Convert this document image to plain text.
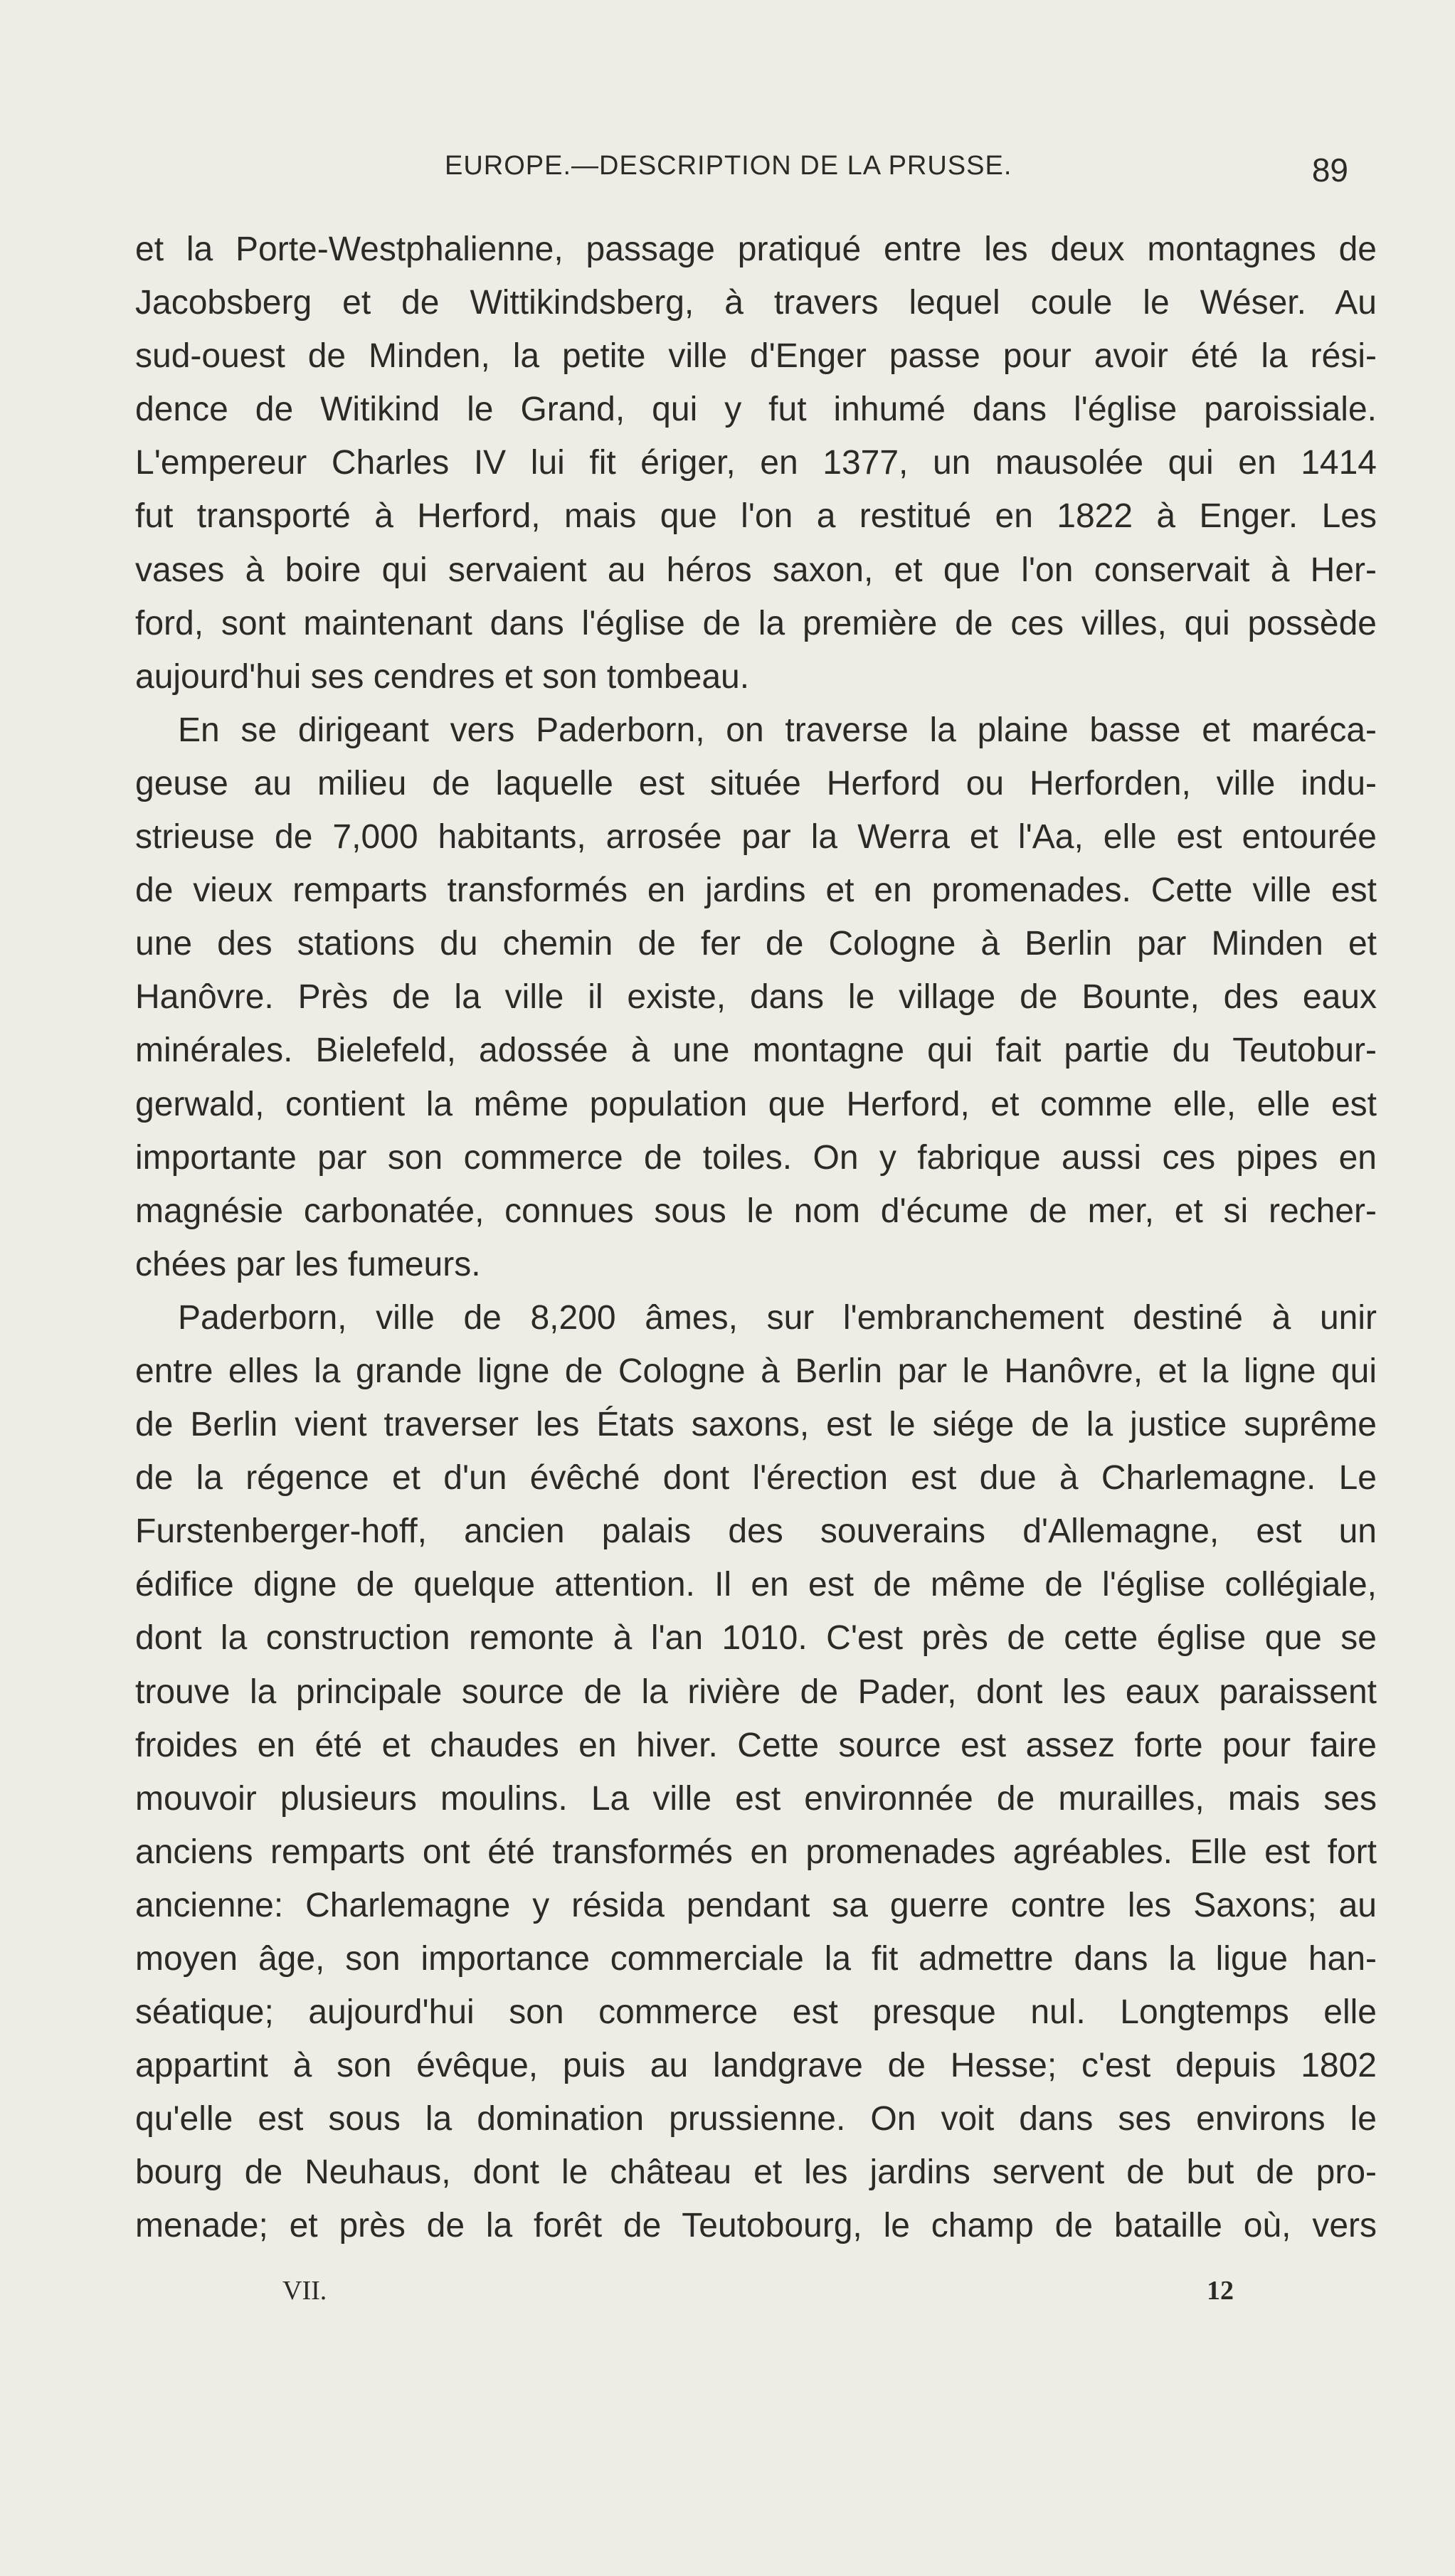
EUROPE.—DESCRIPTION DE LA PRUSSE.	89
et la Porte-Westphalienne, passage pratiqué entre les deux montagnes de
Jacobsberg et de Wittikindsberg, à travers lequel coule le Wéser. Au
sud-ouest de Minden, la petite ville d'Enger passe pour avoir été la rési-
dence de Witikind le Grand, qui y fut inhumé dans l'église paroissiale.
L'empereur Charles IV lui fit ériger, en 1377, un mausolée qui en 1414
fut transporté à Herford, mais que l'on a restitué en 1822 à Enger. Les
vases à boire qui servaient au héros saxon, et que l'on conservait à Her-
ford, sont maintenant dans l'église de la première de ces villes, qui possède
aujourd'hui ses cendres et son tombeau.
En se dirigeant vers Paderborn, on traverse la plaine basse et maréca-
geuse au milieu de laquelle est située Herford ou Herforden, ville indu-
strieuse de 7,000 habitants, arrosée par la Werra et l'Aa, elle est entourée
de vieux remparts transformés en jardins et en promenades. Cette ville est
une des stations du chemin de fer de Cologne à Berlin par Minden et
Hanôvre. Près de la ville il existe, dans le village de Bounte, des eaux
minérales. Bielefeld, adossée à une montagne qui fait partie du Teutobur-
gerwald, contient la même population que Herford, et comme elle, elle est
importante par son commerce de toiles. On y fabrique aussi ces pipes en
magnésie carbonatée, connues sous le nom d'écume de mer, et si recher-
chées par les fumeurs.
Paderborn, ville de 8,200 âmes, sur l'embranchement destiné à unir
entre elles la grande ligne de Cologne à Berlin par le Hanôvre, et la ligne qui
de Berlin vient traverser les États saxons, est le siége de la justice suprême
de la régence et d'un évêché dont l'érection est due à Charlemagne. Le
Furstenberger-hoff, ancien palais des souverains d'Allemagne, est un
édifice digne de quelque attention. Il en est de même de l'église collégiale,
dont la construction remonte à l'an 1010. C'est près de cette église que se
trouve la principale source de la rivière de Pader, dont les eaux paraissent
froides en été et chaudes en hiver. Cette source est assez forte pour faire
mouvoir plusieurs moulins. La ville est environnée de murailles, mais ses
anciens remparts ont été transformés en promenades agréables. Elle est fort
ancienne: Charlemagne y résida pendant sa guerre contre les Saxons; au
moyen âge, son importance commerciale la fit admettre dans la ligue han-
séatique; aujourd'hui son commerce est presque nul. Longtemps elle
appartint à son évêque, puis au landgrave de Hesse; c'est depuis 1802
qu'elle est sous la domination prussienne. On voit dans ses environs le
bourg de Neuhaus, dont le château et les jardins servent de but de pro-
menade; et près de la forêt de Teutobourg, le champ de bataille où, vers
VII.	12
